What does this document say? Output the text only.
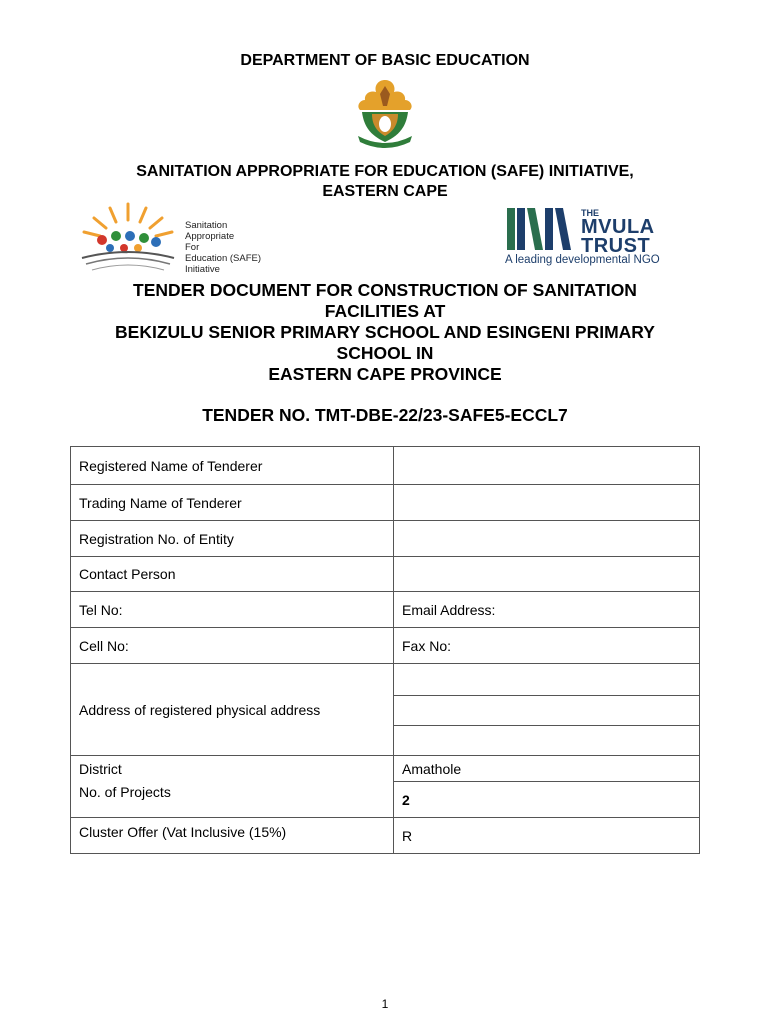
DEPARTMENT OF BASIC EDUCATION
SANITATION APPROPRIATE FOR EDUCATION (SAFE) INITIATIVE,
EASTERN CAPE
Sanitation
Appropriate
For
Education (SAFE)
Initiative
THE
MVULA
TRUST
A leading developmental NGO
TENDER DOCUMENT FOR CONSTRUCTION OF SANITATION
FACILITIES AT
BEKIZULU SENIOR PRIMARY SCHOOL AND ESINGENI PRIMARY
SCHOOL IN
EASTERN CAPE PROVINCE
TENDER NO. TMT-DBE-22/23-SAFE5-ECCL7
Registered Name of Tenderer	
Trading Name of Tenderer	
Registration No. of Entity	
Contact Person	
Tel No:	Email Address:
Cell No:	Fax No:
Address of registered physical address	

District	Amathole
No. of Projects	2
Cluster Offer (Vat Inclusive (15%)	R
1
